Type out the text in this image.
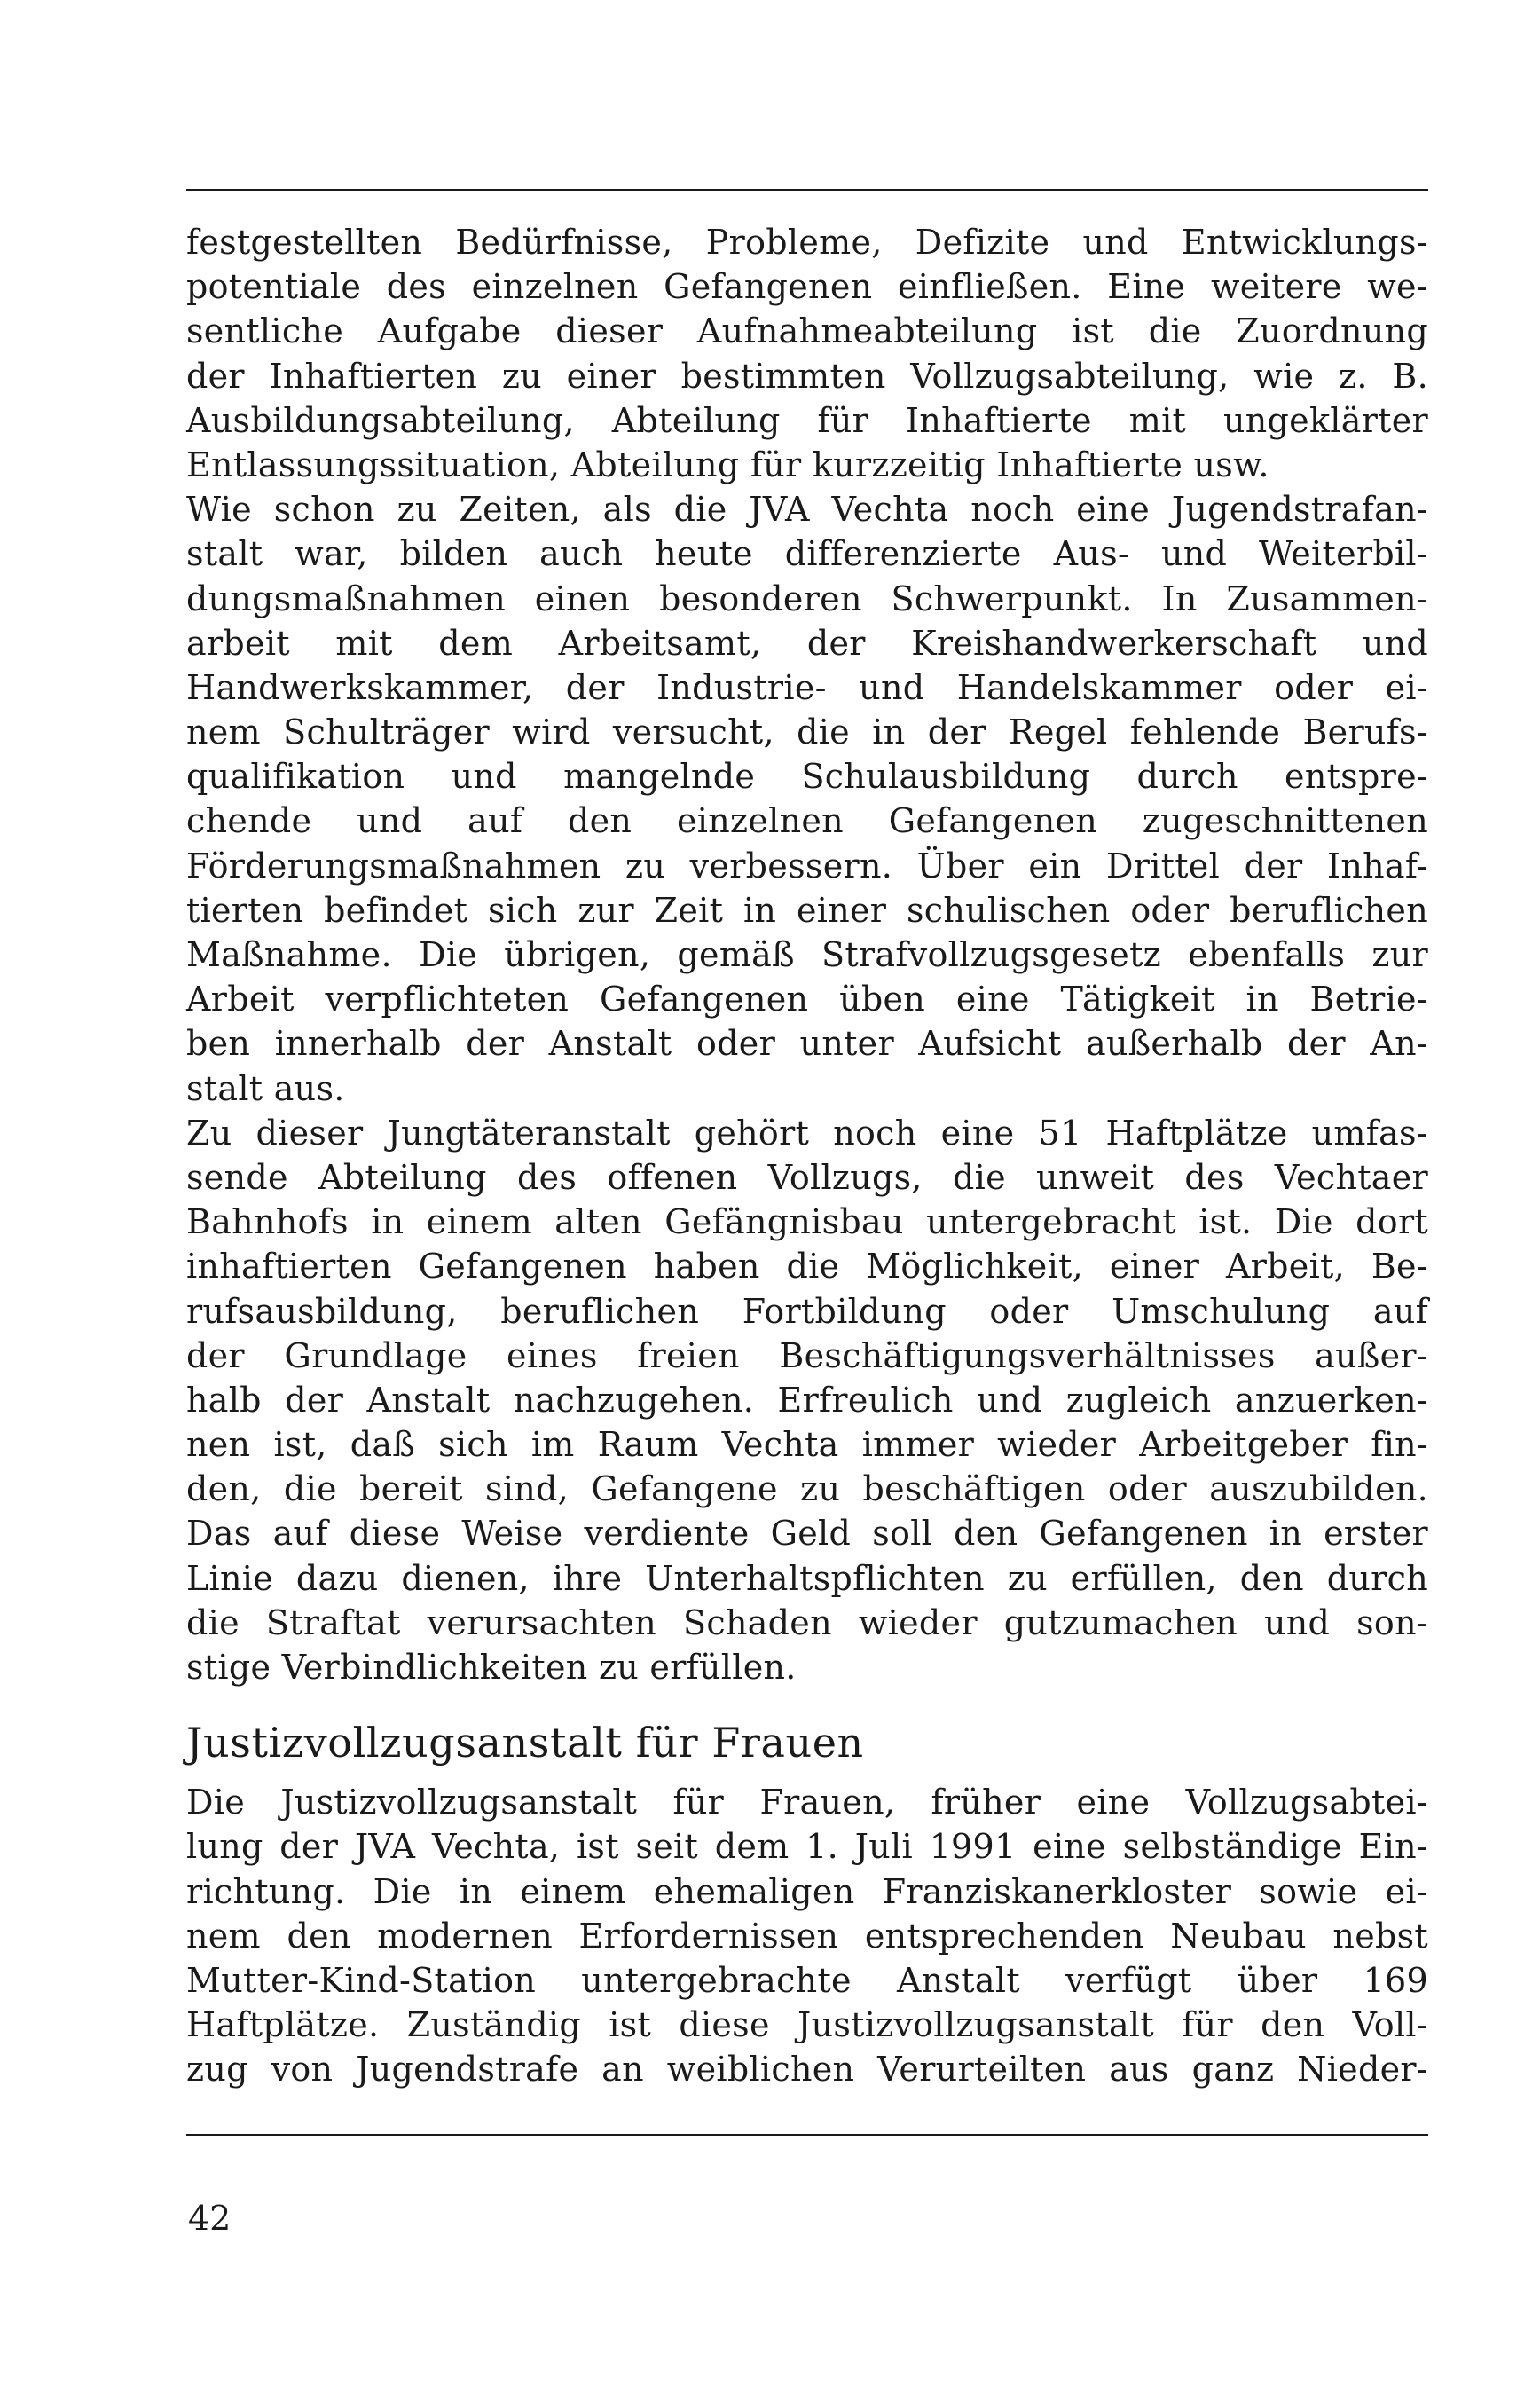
festgestellten Bedürfnisse, Probleme, Defizite und Entwicklungs-
potentiale des einzelnen Gefangenen einfließen. Eine weitere we-
sentliche Aufgabe dieser Aufnahmeabteilung ist die Zuordnung
der Inhaftierten zu einer bestimmten Vollzugsabteilung, wie z. B.
Ausbildungsabteilung, Abteilung für Inhaftierte mit ungeklärter
Entlassungssituation, Abteilung für kurzzeitig Inhaftierte usw.
Wie schon zu Zeiten, als die JVA Vechta noch eine Jugendstrafan-
stalt war, bilden auch heute differenzierte Aus- und Weiterbil-
dungsmaßnahmen einen besonderen Schwerpunkt. In Zusammen-
arbeit mit dem Arbeitsamt, der Kreishandwerkerschaft und
Handwerkskammer, der Industrie- und Handelskammer oder ei-
nem Schulträger wird versucht, die in der Regel fehlende Berufs-
qualifikation und mangelnde Schulausbildung durch entspre-
chende und auf den einzelnen Gefangenen zugeschnittenen
Förderungsmaßnahmen zu verbessern. Über ein Drittel der Inhaf-
tierten befindet sich zur Zeit in einer schulischen oder beruflichen
Maßnahme. Die übrigen, gemäß Strafvollzugsgesetz ebenfalls zur
Arbeit verpflichteten Gefangenen üben eine Tätigkeit in Betrie-
ben innerhalb der Anstalt oder unter Aufsicht außerhalb der An-
stalt aus.
Zu dieser Jungtäteranstalt gehört noch eine 51 Haftplätze umfas-
sende Abteilung des offenen Vollzugs, die unweit des Vechtaer
Bahnhofs in einem alten Gefängnisbau untergebracht ist. Die dort
inhaftierten Gefangenen haben die Möglichkeit, einer Arbeit, Be-
rufsausbildung, beruflichen Fortbildung oder Umschulung auf
der Grundlage eines freien Beschäftigungsverhältnisses außer-
halb der Anstalt nachzugehen. Erfreulich und zugleich anzuerken-
nen ist, daß sich im Raum Vechta immer wieder Arbeitgeber fin-
den, die bereit sind, Gefangene zu beschäftigen oder auszubilden.
Das auf diese Weise verdiente Geld soll den Gefangenen in erster
Linie dazu dienen, ihre Unterhaltspflichten zu erfüllen, den durch
die Straftat verursachten Schaden wieder gutzumachen und son-
stige Verbindlichkeiten zu erfüllen.
Justizvollzugsanstalt für Frauen
Die Justizvollzugsanstalt für Frauen, früher eine Vollzugsabtei-
lung der JVA Vechta, ist seit dem 1. Juli 1991 eine selbständige Ein-
richtung. Die in einem ehemaligen Franziskanerkloster sowie ei-
nem den modernen Erfordernissen entsprechenden Neubau nebst
Mutter-Kind-Station untergebrachte Anstalt verfügt über 169
Haftplätze. Zuständig ist diese Justizvollzugsanstalt für den Voll-
zug von Jugendstrafe an weiblichen Verurteilten aus ganz Nieder-
42
